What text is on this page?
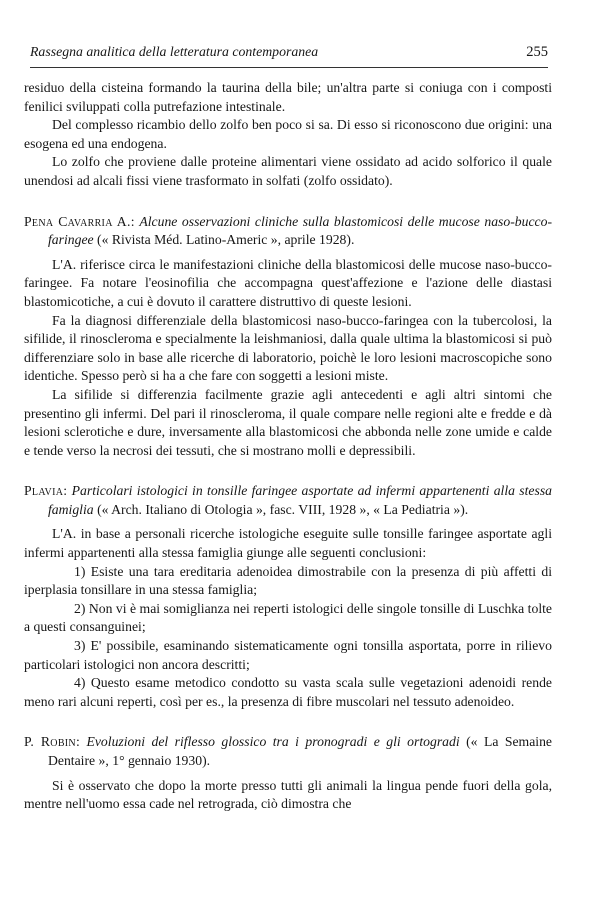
Rassegna analitica della letteratura contemporanea	255

residuo della cisteina formando la taurina della bile; un'altra parte si coniuga con i composti fenilici sviluppati colla putrefazione intestinale.

Del complesso ricambio dello zolfo ben poco si sa. Di esso si riconoscono due origini: una esogena ed una endogena.

Lo zolfo che proviene dalle proteine alimentari viene ossidato ad acido solforico il quale unendosi ad alcali fissi viene trasformato in solfati (zolfo ossidato).

Pena Cavarria A.: Alcune osservazioni cliniche sulla blastomicosi delle mucose naso-bucco-faringee (« Rivista Méd. Latino-Americ », aprile 1928).

L'A. riferisce circa le manifestazioni cliniche della blastomicosi delle mucose naso-bucco-faringee. Fa notare l'eosinofilia che accompagna quest'affezione e l'azione delle diastasi blastomicotiche, a cui è dovuto il carattere distruttivo di queste lesioni.

Fa la diagnosi differenziale della blastomicosi naso-bucco-faringea con la tubercolosi, la sifilide, il rinoscleroma e specialmente la leishmaniosi, dalla quale ultima la blastomicosi si può differenziare solo in base alle ricerche di laboratorio, poichè le loro lesioni macroscopiche sono identiche. Spesso però si ha a che fare con soggetti a lesioni miste.

La sifilide si differenzia facilmente grazie agli antecedenti e agli altri sintomi che presentino gli infermi. Del pari il rinoscleroma, il quale compare nelle regioni alte e fredde e dà lesioni sclerotiche e dure, inversamente alla blastomicosi che abbonda nelle zone umide e calde e tende verso la necrosi dei tessuti, che si mostrano molli e depressibili.

Plavia: Particolari istologici in tonsille faringee asportate ad infermi appartenenti alla stessa famiglia (« Arch. Italiano di Otologia », fasc. VIII, 1928 », « La Pediatria »).

L'A. in base a personali ricerche istologiche eseguite sulle tonsille faringee asportate agli infermi appartenenti alla stessa famiglia giunge alle seguenti conclusioni:

1) Esiste una tara ereditaria adenoidea dimostrabile con la presenza di più affetti di iperplasia tonsillare in una stessa famiglia;

2) Non vi è mai somiglianza nei reperti istologici delle singole tonsille di Luschka tolte a questi consanguinei;

3) E' possibile, esaminando sistematicamente ogni tonsilla asportata, porre in rilievo particolari istologici non ancora descritti;

4) Questo esame metodico condotto su vasta scala sulle vegetazioni adenoidi rende meno rari alcuni reperti, così per es., la presenza di fibre muscolari nel tessuto adenoideo.

P. Robin: Evoluzioni del riflesso glossico tra i pronogradi e gli ortogradi (« La Semaine Dentaire », 1° gennaio 1930).

Si è osservato che dopo la morte presso tutti gli animali la lingua pende fuori della gola, mentre nell'uomo essa cade nel retrograda, ciò dimostra che
